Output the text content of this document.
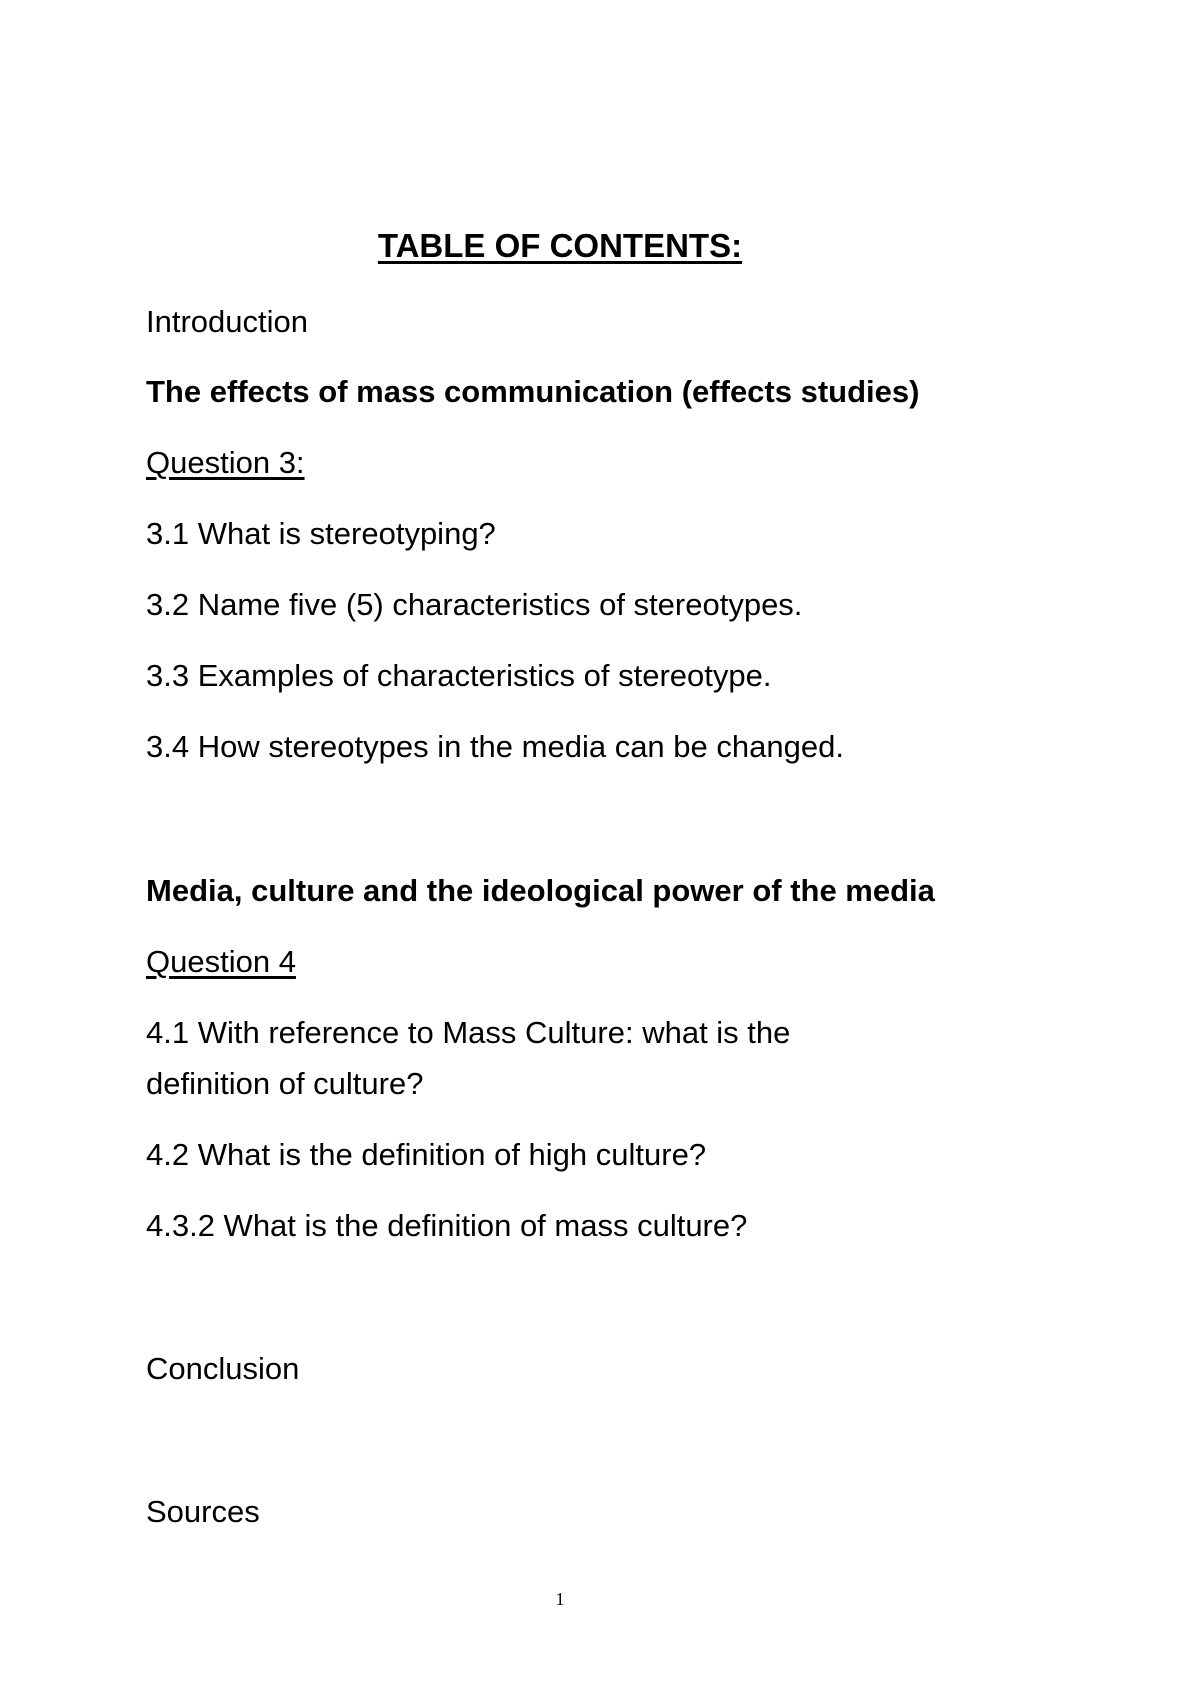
TABLE OF CONTENTS:
Introduction
The effects of mass communication (effects studies)
Question 3:
3.1 What is stereotyping?
3.2 Name five (5) characteristics of stereotypes.
3.3 Examples of characteristics of stereotype.
3.4 How stereotypes in the media can be changed.
Media, culture and the ideological power of the media
Question 4
4.1 With reference to Mass Culture: what is the
definition of culture?
4.2 What is the definition of high culture?
4.3.2 What is the definition of mass culture?
Conclusion
Sources
1
